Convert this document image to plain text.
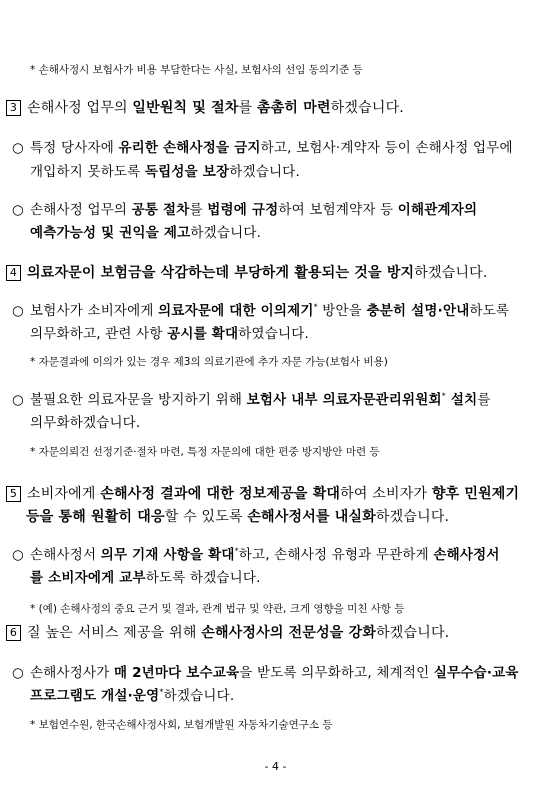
* 손해사정시 보험사가 비용 부담한다는 사실, 보험사의 선임 동의기준 등
3 손해사정 업무의 일반원칙 및 절차를 촘촘히 마련하겠습니다.
○ 특정 당사자에 유리한 손해사정을 금지하고, 보험사·계약자 등이 손해사정 업무에
개입하지 못하도록 독립성을 보장하겠습니다.
○ 손해사정 업무의 공통 절차를 법령에 규정하여 보험계약자 등 이해관계자의
예측가능성 및 권익을 제고하겠습니다.
4 의료자문이 보험금을 삭감하는데 부당하게 활용되는 것을 방지하겠습니다.
○ 보험사가 소비자에게 의료자문에 대한 이의제기* 방안을 충분히 설명·안내하도록
의무화하고, 관련 사항 공시를 확대하였습니다.
* 자문결과에 이의가 있는 경우 제3의 의료기관에 추가 자문 가능(보험사 비용)
○ 불필요한 의료자문을 방지하기 위해 보험사 내부 의료자문관리위원회* 설치를
의무화하겠습니다.
* 자문의뢰건 선정기준·절차 마련, 특정 자문의에 대한 편중 방지방안 마련 등
5 소비자에게 손해사정 결과에 대한 정보제공을 확대하여 소비자가 향후 민원제기
등을 통해 원활히 대응할 수 있도록 손해사정서를 내실화하겠습니다.
○ 손해사정서 의무 기재 사항을 확대*하고, 손해사정 유형과 무관하게 손해사정서
를 소비자에게 교부하도록 하겠습니다.
* (예) 손해사정의 중요 근거 및 결과, 관계 법규 및 약관, 크게 영향을 미친 사항 등
6 질 높은 서비스 제공을 위해 손해사정사의 전문성을 강화하겠습니다.
○ 손해사정사가 매 2년마다 보수교육을 받도록 의무화하고, 체계적인 실무수습·교육
프로그램도 개설·운영*하겠습니다.
* 보험연수원, 한국손해사정사회, 보험개발원 자동차기술연구소 등
- 4 -
